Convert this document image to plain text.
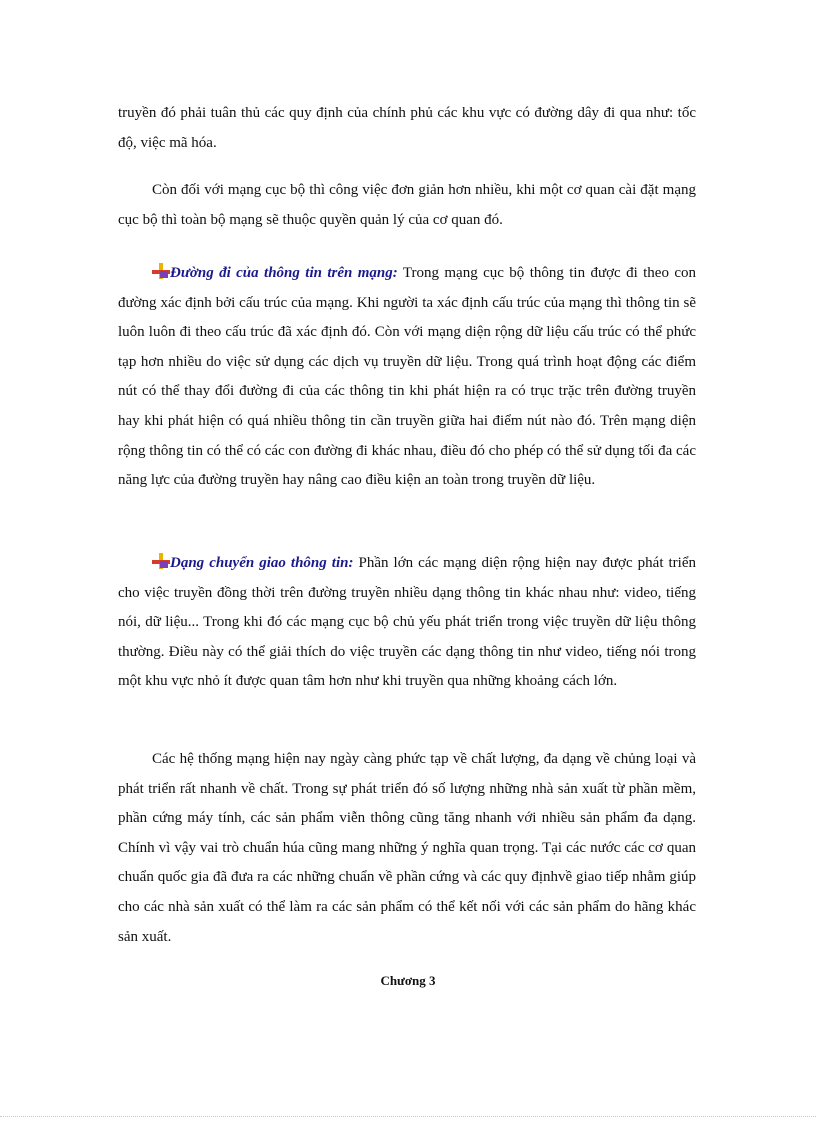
truyền đó phải tuân thủ các quy định của chính phủ các khu vực có đường dây đi qua như: tốc độ, việc mã hóa.

Còn đối với mạng cục bộ thì công việc đơn giản hơn nhiều, khi một cơ quan cài đặt mạng cục bộ thì toàn bộ mạng sẽ thuộc quyền quản lý của cơ quan đó.

Đường đi của thông tin trên mạng: Trong mạng cục bộ thông tin được đi theo con đường xác định bởi cấu trúc của mạng. Khi người ta xác định cấu trúc của mạng thì thông tin sẽ luôn luôn đi theo cấu trúc đã xác định đó. Còn với mạng diện rộng dữ liệu cấu trúc có thể phức tạp hơn nhiều do việc sử dụng các dịch vụ truyền dữ liệu. Trong quá trình hoạt động các điểm nút có thể thay đổi đường đi của các thông tin khi phát hiện ra có trục trặc trên đường truyền hay khi phát hiện có quá nhiều thông tin cần truyền giữa hai điểm nút nào đó. Trên mạng diện rộng thông tin có thể có các con đường đi khác nhau, điều đó cho phép có thể sử dụng tối đa các năng lực của đường truyền hay nâng cao điều kiện an toàn trong truyền dữ liệu.

Dạng chuyển giao thông tin: Phần lớn các mạng diện rộng hiện nay được phát triển cho việc truyền đồng thời trên đường truyền nhiều dạng thông tin khác nhau như: video, tiếng nói, dữ liệu... Trong khi đó các mạng cục bộ chủ yếu phát triển trong việc truyền dữ liệu thông thường. Điều này có thể giải thích do việc truyền các dạng thông tin như video, tiếng nói trong một khu vực nhỏ ít được quan tâm hơn như khi truyền qua những khoảng cách lớn.

Các hệ thống mạng hiện nay ngày càng phức tạp về chất lượng, đa dạng về chủng loại và phát triển rất nhanh về chất. Trong sự phát triển đó số lượng những nhà sản xuất từ phần mềm, phần cứng máy tính, các sản phẩm viễn thông cũng tăng nhanh với nhiều sản phẩm đa dạng. Chính vì vậy vai trò chuẩn húa cũng mang những ý nghĩa quan trọng. Tại các nước các cơ quan chuẩn quốc gia đã đưa ra các những chuẩn về phần cứng và các quy địnhvề giao tiếp nhằm giúp cho các nhà sản xuất có thể làm ra các sản phẩm có thể kết nối với các sản phẩm do hãng khác sản xuất.

Chương 3
